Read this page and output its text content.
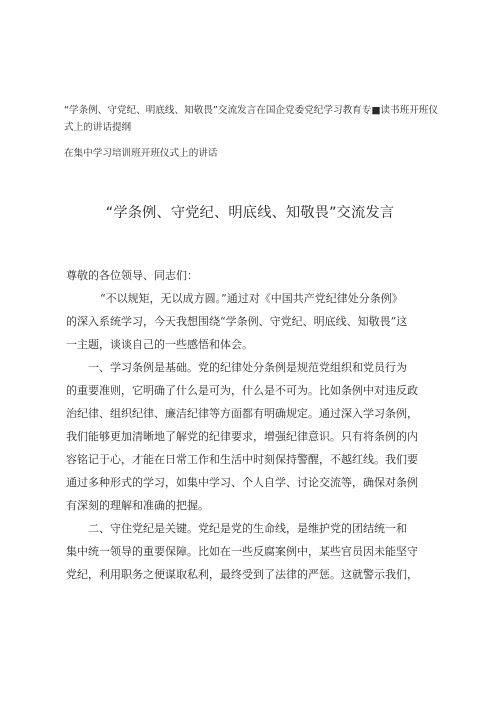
“学条例、守党纪、明底线、知敬畏”交流发言在国企党委党纪学习教育专■读书班开班仪
式上的讲话提纲
在集中学习培训班开班仪式上的讲话
“学条例、守党纪、明底线、知敬畏”交流发言
尊敬的各位领导、同志们：
“不以规矩，无以成方圆。”通过对《中国共产党纪律处分条例》
的深入系统学习，今天我想围绕“学条例、守党纪、明底线、知敬畏”这
一主题，谈谈自己的一些感悟和体会。
一、学习条例是基础。党的纪律处分条例是规范党组织和党员行为
的重要准则，它明确了什么是可为，什么是不可为。比如条例中对违反政
治纪律、组织纪律、廉洁纪律等方面都有明确规定。通过深入学习条例，
我们能够更加清晰地了解党的纪律要求，增强纪律意识。只有将条例的内
容铭记于心，才能在日常工作和生活中时刻保持警醒，不越红线。我们要
通过多种形式的学习，如集中学习、个人自学、讨论交流等，确保对条例
有深刻的理解和准确的把握。
二、守住党纪是关键。党纪是党的生命线，是维护党的团结统一和
集中统一领导的重要保障。比如在一些反腐案例中，某些官员因未能坚守
党纪，利用职务之便谋取私利，最终受到了法律的严惩。这就警示我们，
